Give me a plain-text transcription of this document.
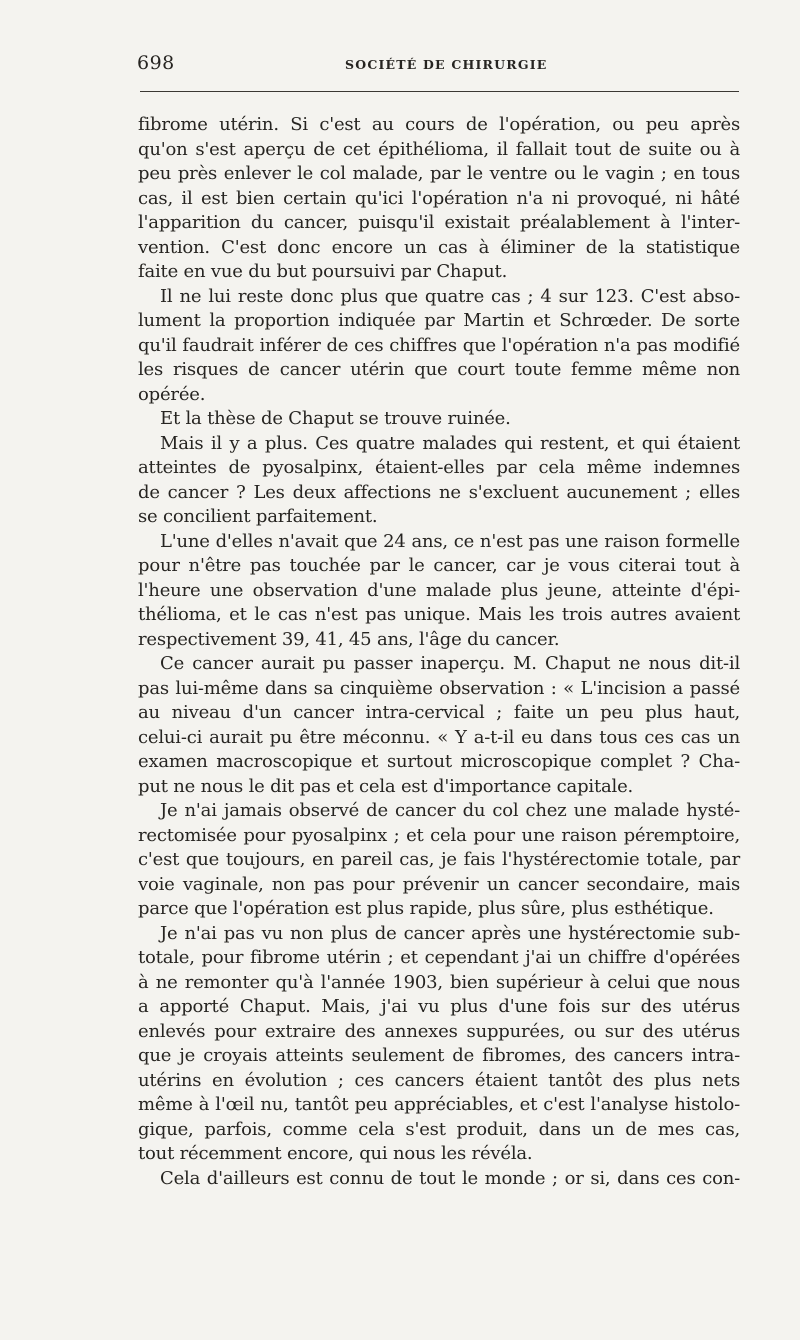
698	SOCIÉTÉ DE CHIRURGIE
fibrome utérin. Si c'est au cours de l'opération, ou peu après
qu'on s'est aperçu de cet épithélioma, il fallait tout de suite ou à
peu près enlever le col malade, par le ventre ou le vagin ; en tous
cas, il est bien certain qu'ici l'opération n'a ni provoqué, ni hâté
l'apparition du cancer, puisqu'il existait préalablement à l'inter-
vention. C'est donc encore un cas à éliminer de la statistique
faite en vue du but poursuivi par Chaput.
Il ne lui reste donc plus que quatre cas ; 4 sur 123. C'est abso-
lument la proportion indiquée par Martin et Schrœder. De sorte
qu'il faudrait inférer de ces chiffres que l'opération n'a pas modifié
les risques de cancer utérin que court toute femme même non
opérée.
Et la thèse de Chaput se trouve ruinée.
Mais il y a plus. Ces quatre malades qui restent, et qui étaient
atteintes de pyosalpinx, étaient-elles par cela même indemnes
de cancer ? Les deux affections ne s'excluent aucunement ; elles
se concilient parfaitement.
L'une d'elles n'avait que 24 ans, ce n'est pas une raison formelle
pour n'être pas touchée par le cancer, car je vous citerai tout à
l'heure une observation d'une malade plus jeune, atteinte d'épi-
thélioma, et le cas n'est pas unique. Mais les trois autres avaient
respectivement 39, 41, 45 ans, l'âge du cancer.
Ce cancer aurait pu passer inaperçu. M. Chaput ne nous dit-il
pas lui-même dans sa cinquième observation : « L'incision a passé
au niveau d'un cancer intra-cervical ; faite un peu plus haut,
celui-ci aurait pu être méconnu. « Y a-t-il eu dans tous ces cas un
examen macroscopique et surtout microscopique complet ? Cha-
put ne nous le dit pas et cela est d'importance capitale.
Je n'ai jamais observé de cancer du col chez une malade hysté-
rectomisée pour pyosalpinx ; et cela pour une raison péremptoire,
c'est que toujours, en pareil cas, je fais l'hystérectomie totale, par
voie vaginale, non pas pour prévenir un cancer secondaire, mais
parce que l'opération est plus rapide, plus sûre, plus esthétique.
Je n'ai pas vu non plus de cancer après une hystérectomie sub-
totale, pour fibrome utérin ; et cependant j'ai un chiffre d'opérées
à ne remonter qu'à l'année 1903, bien supérieur à celui que nous
a apporté Chaput. Mais, j'ai vu plus d'une fois sur des utérus
enlevés pour extraire des annexes suppurées, ou sur des utérus
que je croyais atteints seulement de fibromes, des cancers intra-
utérins en évolution ; ces cancers étaient tantôt des plus nets
même à l'œil nu, tantôt peu appréciables, et c'est l'analyse histolo-
gique, parfois, comme cela s'est produit, dans un de mes cas,
tout récemment encore, qui nous les révéla.
Cela d'ailleurs est connu de tout le monde ; or si, dans ces con-
